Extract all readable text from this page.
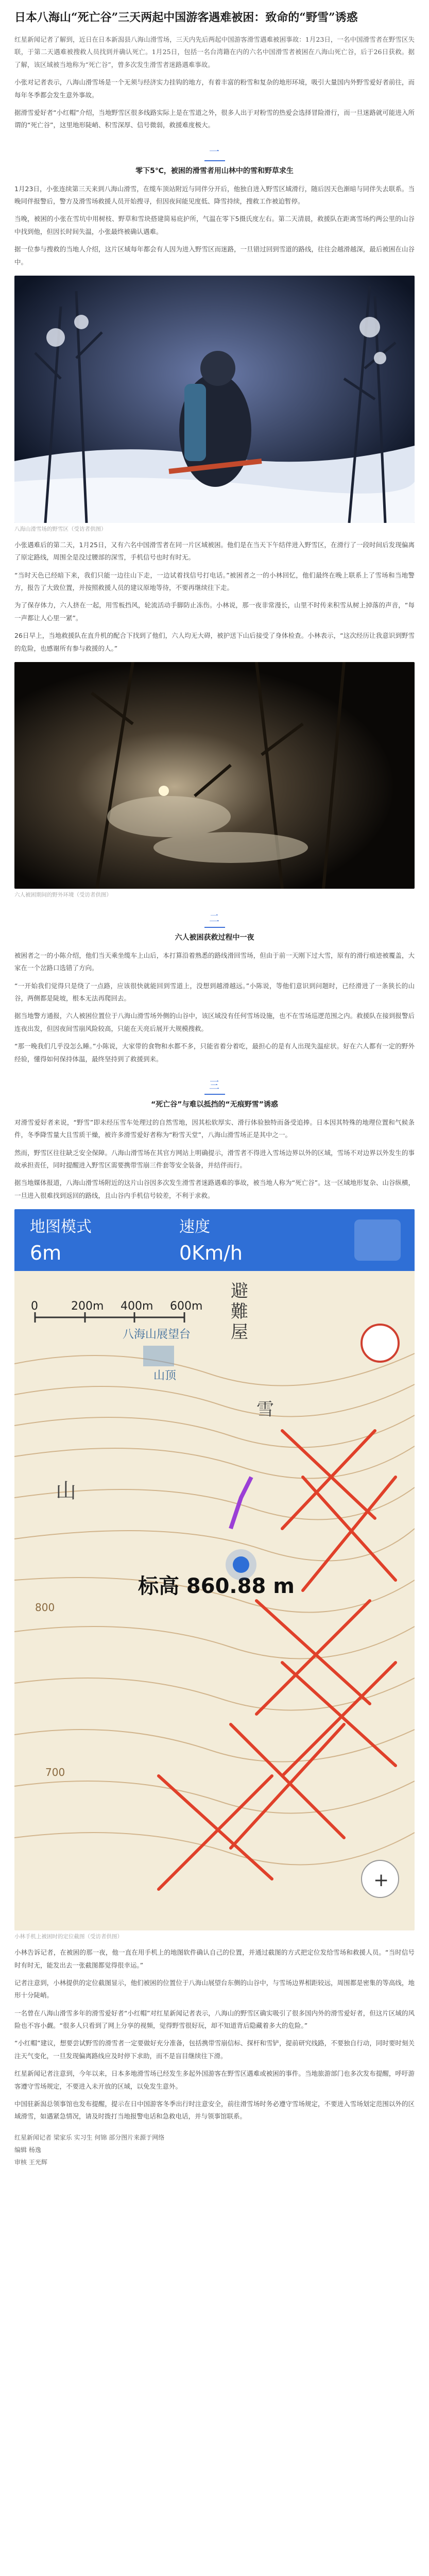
日本八海山“死亡谷”三天两起中国游客遇难被困：致命的“野雪”诱惑
红星新闻记者了解到，近日在日本新潟县八海山滑雪场，三天内先后两起中国游客滑雪遇难被困事故：1月23日，一名中国滑雪者在野雪区失联，于第二天遇难被搜救人员找到并确认死亡。1月25日，包括一名台湾籍在内的六名中国滑雪者被困在八海山死亡谷，后于26日获救。据了解，该区域被当地称为“死亡谷”，曾多次发生滑雪者迷路遇难事故。

小张对记者表示，八海山滑雪场是一个无须与经济实力挂钩的地方，有着丰富的粉雪和复杂的地形环境，吸引大量国内外野雪爱好者前往，而每年冬季都会发生意外事故。

据滑雪爱好者“小红帽”介绍，当地野雪区很多线路实际上是在雪道之外，很多人出于对粉雪的热爱会选择冒险滑行，而一旦迷路就可能进入所谓的“死亡谷”，这里地形陡峭、积雪深厚、信号微弱，救援难度极大。

一
零下5℃，被困的滑雪者用山林中的雪和野草求生

1月23日，小张连续第三天来到八海山滑雪，在缆车顶站附近与同伴分开后，他独自进入野雪区域滑行，随后因天色渐暗与同伴失去联系。当晚同伴报警后，警方及滑雪场救援人员开始搜寻，但因夜间能见度低、降雪持续，搜救工作被迫暂停。

当晚，被困的小张在雪坑中用树枝、野草和雪块搭建简易庇护所，气温在零下5摄氏度左右。第二天清晨，救援队在距离雪场约两公里的山谷中找到他，但因长时间失温，小张最终被确认遇难。

据一位参与搜救的当地人介绍，这片区域每年都会有人因为进入野雪区而迷路，一旦错过回到雪道的路线，往往会越滑越深，最后被困在山谷中。

八海山滑雪场的野雪区（受访者供图）

小张遇难后的第二天，1月25日，又有六名中国滑雪者在同一片区域被困。他们是在当天下午结伴进入野雪区，在滑行了一段时间后发现偏离了原定路线，周围全是没过腰部的深雪，手机信号也时有时无。

“当时天色已经暗下来，我们只能一边往山下走，一边试着找信号打电话。”被困者之一的小林回忆，他们最终在晚上联系上了雪场和当地警方，报告了大致位置，并按照救援人员的建议原地等待，不要再继续往下走。

为了保存体力，六人挤在一起，用雪板挡风，轮流活动手脚防止冻伤。小林说，那一夜非常漫长，山里不时传来积雪从树上掉落的声音，“每一声都让人心里一紧”。

26日早上，当地救援队在直升机的配合下找到了他们，六人均无大碍，被护送下山后接受了身体检查。小林表示，“这次经历让我意识到野雪的危险，也感谢所有参与救援的人。”

六人被困期间的野外环境（受访者供图）
二
六人被困获救过程中一夜

被困者之一的小陈介绍，他们当天乘坐缆车上山后，本打算沿着熟悉的路线滑回雪场，但由于前一天刚下过大雪，原有的滑行痕迹被覆盖，大家在一个岔路口选错了方向。

“一开始我们觉得只是绕了一点路，应该很快就能回到雪道上，没想到越滑越远。”小陈说，等他们意识到问题时，已经滑进了一条狭长的山谷，两侧都是陡坡，根本无法再爬回去。

据当地警方通报，六人被困位置位于八海山滑雪场外侧的山谷中，该区域没有任何雪场设施，也不在雪场巡逻范围之内。救援队在接到报警后连夜出发，但因夜间雪崩风险较高，只能在天亮后展开大规模搜救。

“那一晚我们几乎没怎么睡。”小陈说，大家带的食物和水都不多，只能省着分着吃，最担心的是有人出现失温症状。好在六人都有一定的野外经验，懂得如何保持体温，最终坚持到了救援到来。

三
“死亡谷”与难以抵挡的“无痕野雪”诱惑

对滑雪爱好者来说，“野雪”即未经压雪车处理过的自然雪地，因其松软厚实、滑行体验独特而备受追捧。日本因其特殊的地理位置和气候条件，冬季降雪量大且雪质干燥，被许多滑雪爱好者称为“粉雪天堂”，八海山滑雪场正是其中之一。

然而，野雪区往往缺乏安全保障。八海山滑雪场在其官方网站上明确提示，滑雪者不得进入雪场边界以外的区域，雪场不对边界以外发生的事故承担责任，同时提醒进入野雪区需要携带雪崩三件套等安全装备，并结伴而行。

据当地媒体报道，八海山滑雪场附近的这片山谷因多次发生滑雪者迷路遇难的事故，被当地人称为“死亡谷”。这一区域地形复杂、山谷纵横，一旦进入很难找到返回的路线，且山谷内手机信号较差，不利于求救。

地图模式	速度
6m	0Km/h
0	200m 400m 600m
八海山展望台
山顶
山
雪
避
難
屋
800
700
标高 860.88 m
+
小林手机上被困时的定位截图（受访者供图）

小林告诉记者，在被困的那一夜，他一直在用手机上的地图软件确认自己的位置，并通过截图的方式把定位发给雪场和救援人员。“当时信号时有时无，能发出去一张截图都觉得很幸运。”

记者注意到，小林提供的定位截图显示，他们被困的位置位于八海山展望台东侧的山谷中，与雪场边界相距较远，周围都是密集的等高线，地形十分陡峭。

一名曾在八海山滑雪多年的滑雪爱好者“小红帽”对红星新闻记者表示，八海山的野雪区确实吸引了很多国内外的滑雪爱好者，但这片区域的风险也不容小觑。“很多人只看到了网上分享的视频，觉得野雪很好玩，却不知道背后隐藏着多大的危险。”

“小红帽”建议，想要尝试野雪的滑雪者一定要做好充分准备，包括携带雪崩信标、探杆和雪铲，提前研究线路，不要独自行动，同时要时刻关注天气变化，一旦发现偏离路线应及时停下求助，而不是盲目继续往下滑。

红星新闻记者注意到，今年以来，日本多地滑雪场已经发生多起外国游客在野雪区遇难或被困的事件。当地旅游部门也多次发布提醒，呼吁游客遵守雪场规定，不要进入未开放的区域，以免发生意外。

中国驻新潟总领事馆也发布提醒，提示在日中国游客冬季出行时注意安全，前往滑雪场时务必遵守雪场规定，不要进入雪场划定范围以外的区域滑雪，如遇紧急情况，请及时拨打当地报警电话和急救电话，并与领事馆联系。

红星新闻记者 梁家乐 实习生 何锦 部分图片来源于网络
编辑 杨逸
审核 王光辉
